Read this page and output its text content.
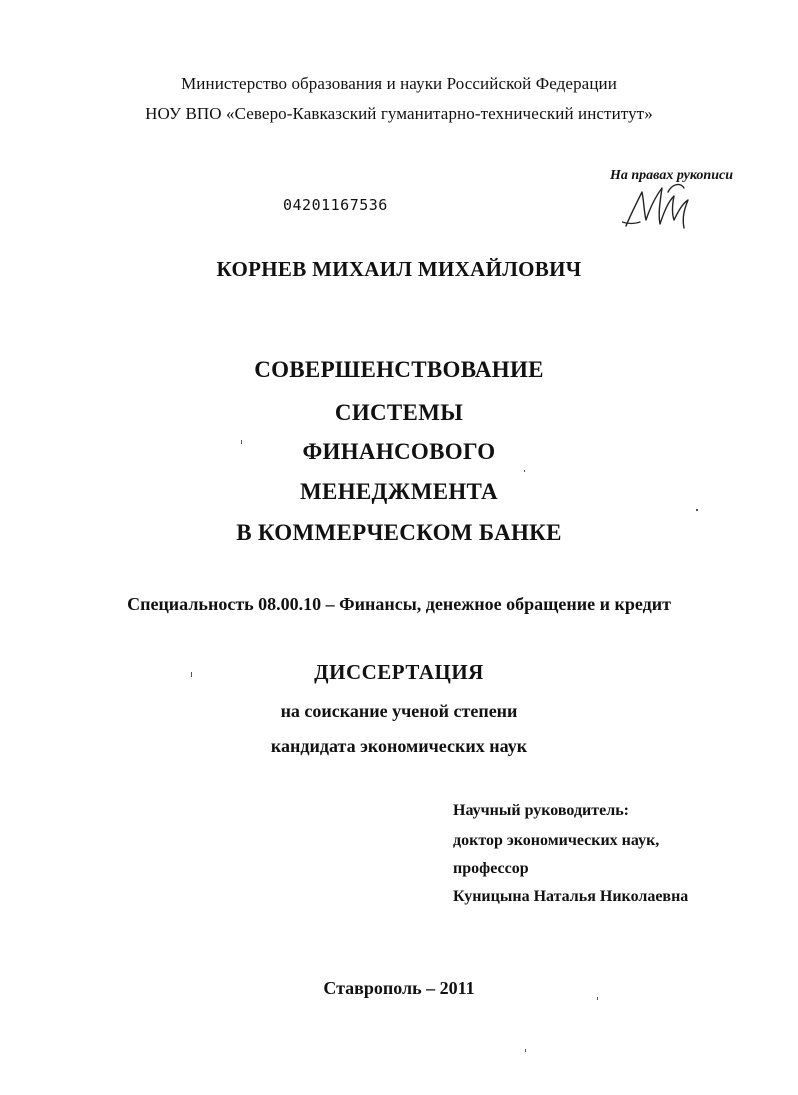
Министерство образования и науки Российской Федерации
НОУ ВПО «Северо-Кавказский гуманитарно-технический институт»
На правах рукописи
04201167536
КОРНЕВ МИХАИЛ МИХАЙЛОВИЧ
СОВЕРШЕНСТВОВАНИЕ
СИСТЕМЫ
ФИНАНСОВОГО
МЕНЕДЖМЕНТА
В КОММЕРЧЕСКОМ БАНКЕ
Специальность 08.00.10 – Финансы, денежное обращение и кредит
ДИССЕРТАЦИЯ
на соискание ученой степени
кандидата экономических наук
Научный руководитель:
доктор экономических наук,
профессор
Куницына Наталья Николаевна
Ставрополь – 2011
